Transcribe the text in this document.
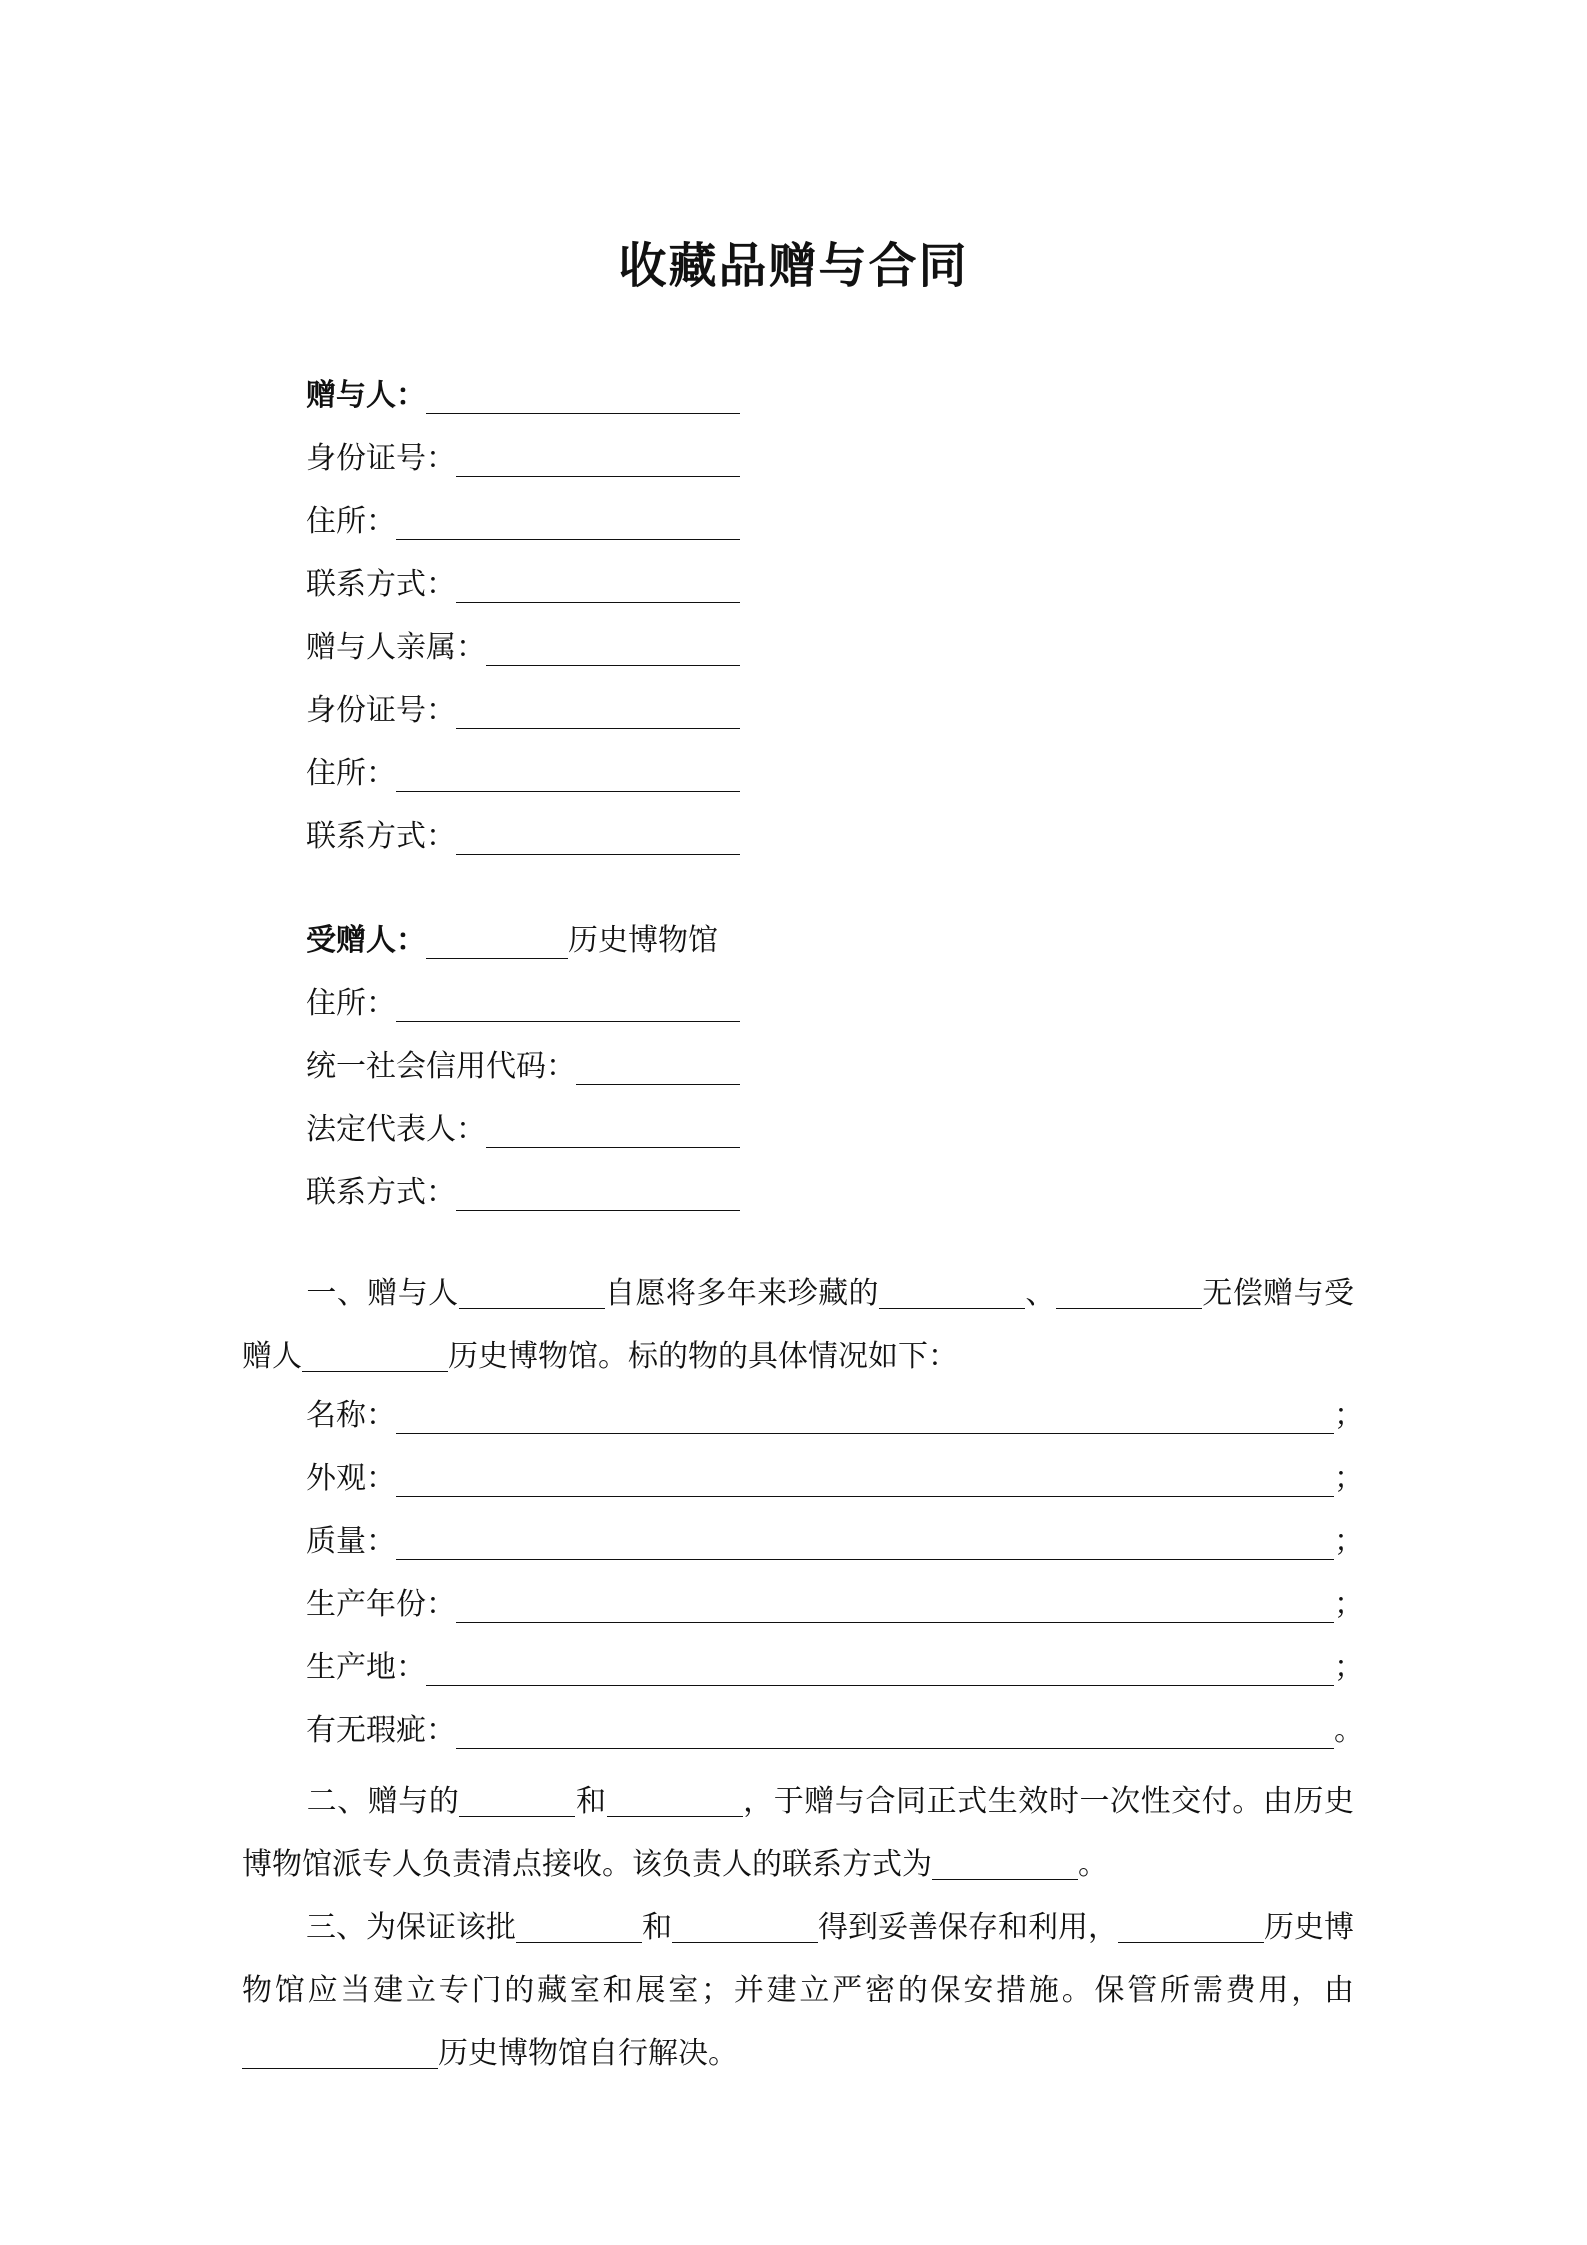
收藏品赠与合同
赠与人：
身份证号：
住所：
联系方式：
赠与人亲属：
身份证号：
住所：
联系方式：
受赠人：	历史博物馆
住所：
统一社会信用代码：
法定代表人：
联系方式：
一、赠与人	自愿将多年来珍藏的	、	无偿赠与受赠人	历史博物馆。标的物的具体情况如下：
名称：	；
外观：	；
质量：	；
生产年份：	；
生产地：	；
有无瑕疵：	。
二、赠与的	和	，于赠与合同正式生效时一次性交付。由历史博物馆派专人负责清点接收。该负责人的联系方式为	。
三、为保证该批	和	得到妥善保存和利用，	历史博物馆应当建立专门的藏室和展室；并建立严密的保安措施。保管所需费用，由历史博物馆自行解决。
